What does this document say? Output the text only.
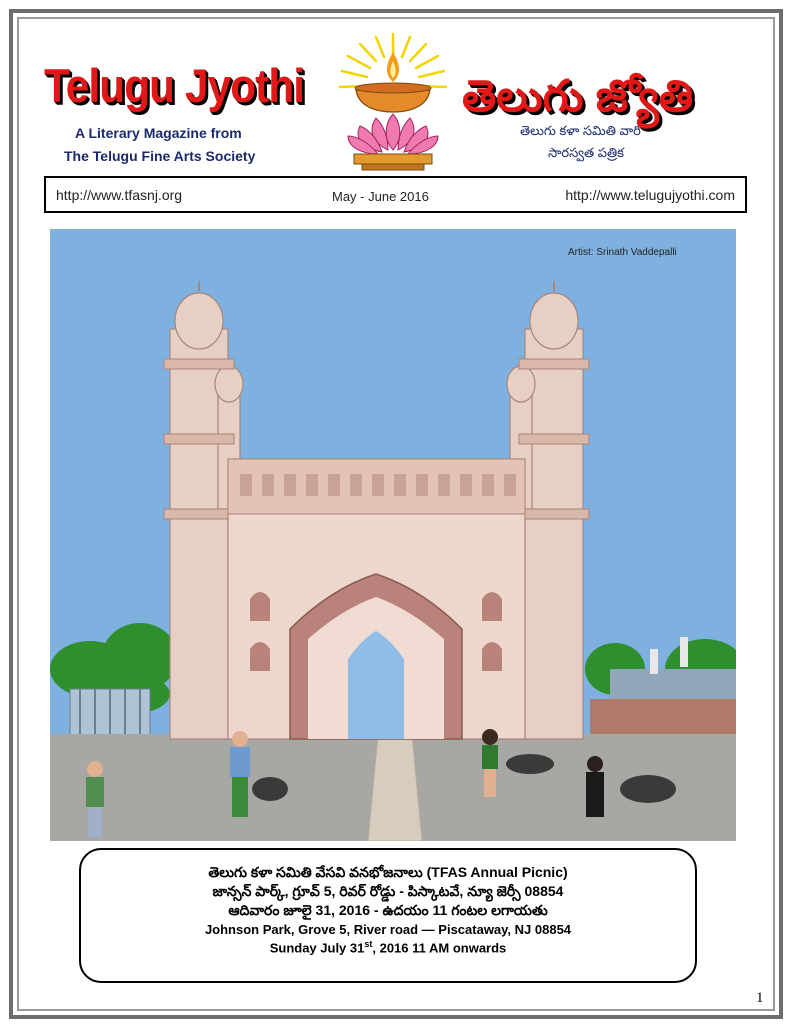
Telugu Jyothi
A Literary Magazine from
The Telugu Fine Arts Society
తెలుగు జ్యోతి
తెలుగు కళా సమితి వారి
సారస్వత పత్రిక
http://www.tfasnj.org	May - June 2016	http://www.telugujyothi.com
Artist: Srinath Vaddepalli
తెలుగు కళా సమితి వేసవి వనభోజనాలు (TFAS Annual Picnic)
జాన్సన్ పార్క్, గ్రూవ్ 5, రివర్ రోడ్డు - పిస్కాటవే, న్యూ జెర్సీ 08854
ఆదివారం జూలై 31, 2016 - ఉదయం 11 గంటల లగాయతు
Johnson Park, Grove 5, River road — Piscataway, NJ 08854
Sunday July 31st, 2016 11 AM onwards
1
